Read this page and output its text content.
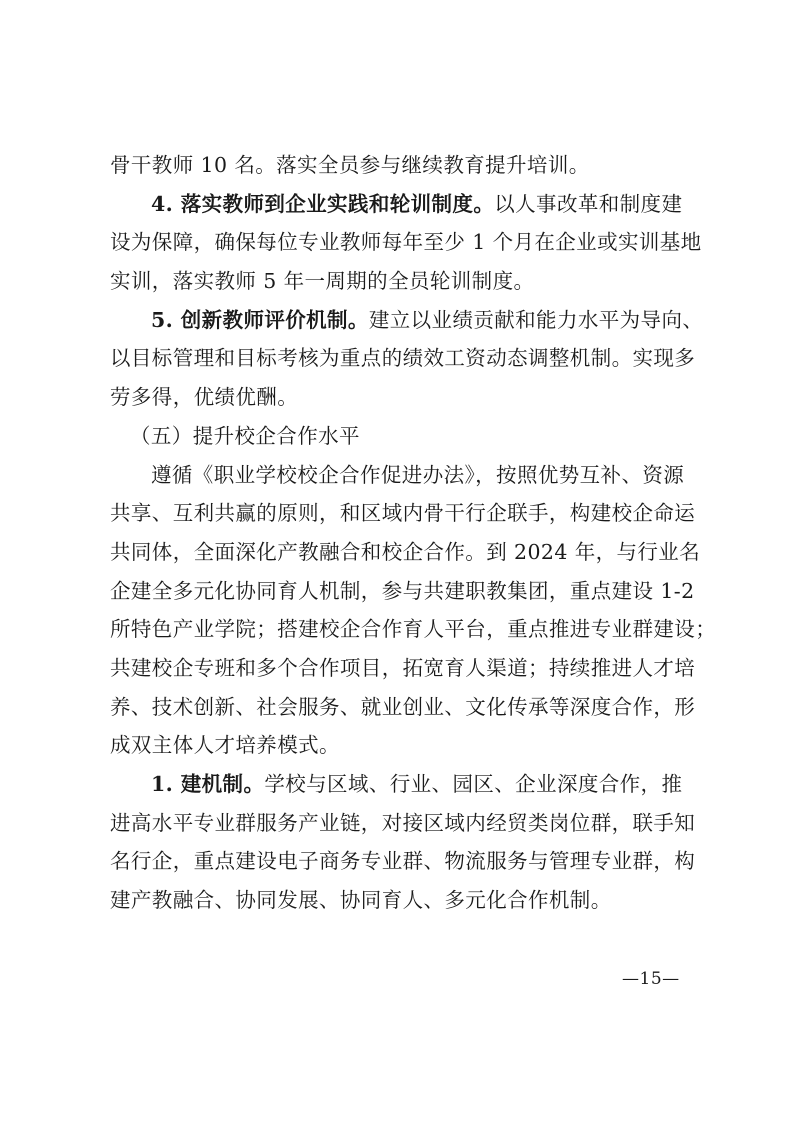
骨干教师 10 名。落实全员参与继续教育提升培训。
4. 落实教师到企业实践和轮训制度。以人事改革和制度建
设为保障，确保每位专业教师每年至少 1 个月在企业或实训基地
实训，落实教师 5 年一周期的全员轮训制度。
5. 创新教师评价机制。建立以业绩贡献和能力水平为导向、
以目标管理和目标考核为重点的绩效工资动态调整机制。实现多
劳多得，优绩优酬。
（五）提升校企合作水平
遵循《职业学校校企合作促进办法》，按照优势互补、资源
共享、互利共赢的原则，和区域内骨干行企联手，构建校企命运
共同体，全面深化产教融合和校企合作。到 2024 年，与行业名
企建全多元化协同育人机制，参与共建职教集团，重点建设 1-2
所特色产业学院；搭建校企合作育人平台，重点推进专业群建设；
共建校企专班和多个合作项目，拓宽育人渠道；持续推进人才培
养、技术创新、社会服务、就业创业、文化传承等深度合作，形
成双主体人才培养模式。
1. 建机制。学校与区域、行业、园区、企业深度合作，推
进高水平专业群服务产业链，对接区域内经贸类岗位群，联手知
名行企，重点建设电子商务专业群、物流服务与管理专业群，构
建产教融合、协同发展、协同育人、多元化合作机制。
—15—
